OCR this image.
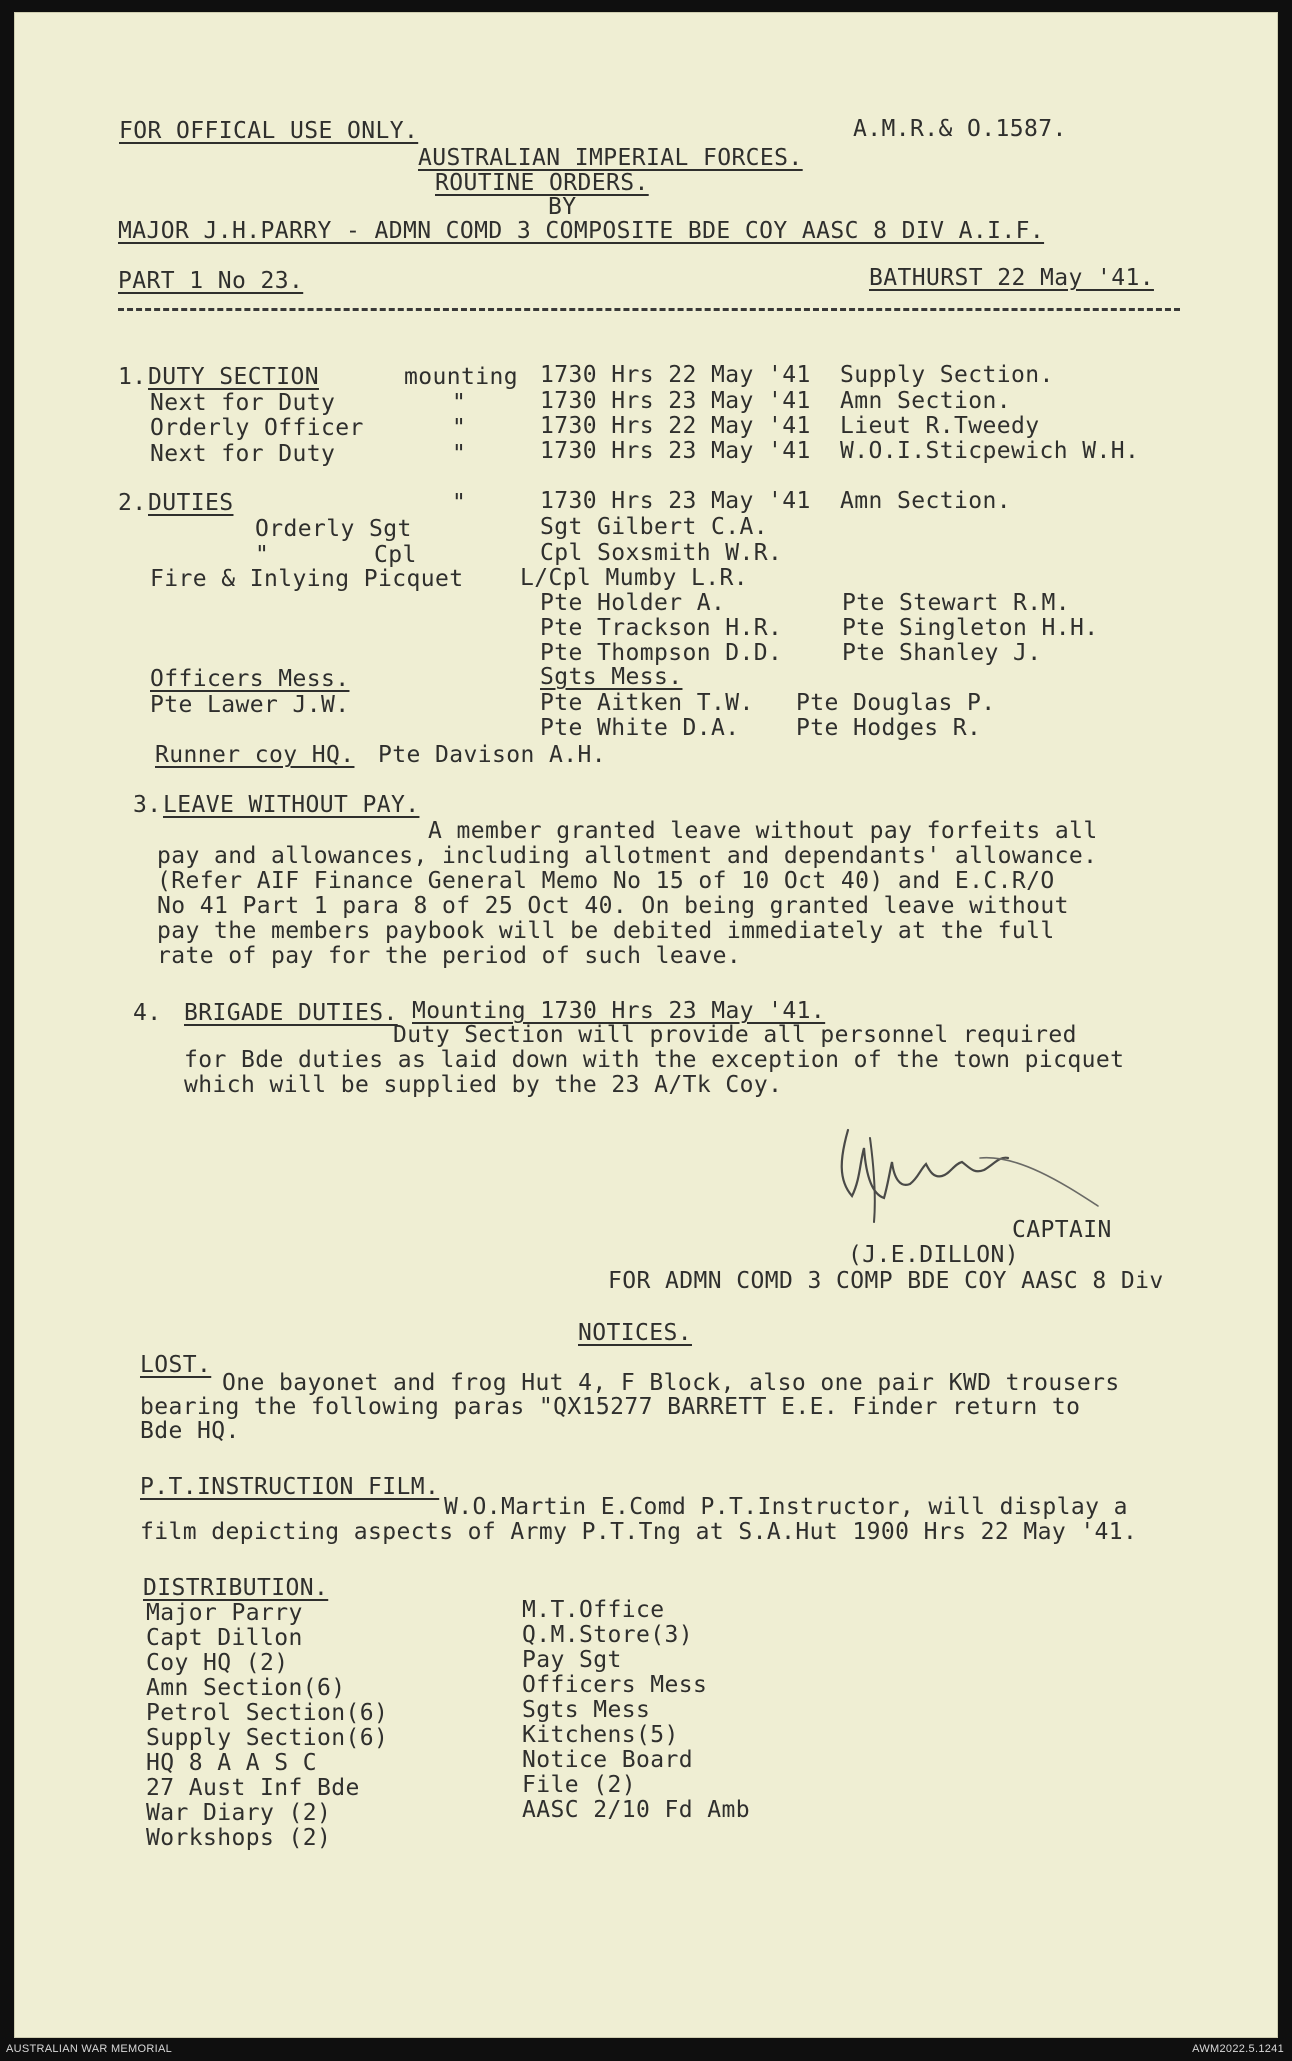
FOR OFFICAL USE ONLY.	A.M.R.& O.1587.
AUSTRALIAN IMPERIAL FORCES.
ROUTINE ORDERS.
BY
MAJOR J.H.PARRY - ADMN COMD 3 COMPOSITE BDE COY AASC 8 DIV A.I.F.
PART 1 No 23.	BATHURST 22 May '41.
1. DUTY SECTION	mounting 1730 Hrs 22 May '41 Supply Section.
Next for Duty	"	1730 Hrs 23 May '41 Amn Section.
Orderly Officer	"	1730 Hrs 22 May '41 Lieut R.Tweedy
Next for Duty	"	1730 Hrs 23 May '41 W.O.I.Sticpewich W.H.
2. DUTIES	"	1730 Hrs 23 May '41 Amn Section.
Orderly Sgt	Sgt Gilbert C.A.
"	Cpl	Cpl Soxsmith W.R.
Fire & Inlying Picquet L/Cpl Mumby L.R.
Pte Holder A.	Pte Stewart R.M.
Pte Trackson H.R.	Pte Singleton H.H.
Pte Thompson D.D.	Pte Shanley J.
Officers Mess.	Sgts Mess.
Pte Lawer J.W.	Pte Aitken T.W. Pte Douglas P.
Pte White D.A. Pte Hodges R.
Runner coy HQ. Pte Davison A.H.
3. LEAVE WITHOUT PAY.
A member granted leave without pay forfeits all
pay and allowances, including allotment and dependants' allowance.
(Refer AIF Finance General Memo No 15 of 10 Oct 40) and E.C.R/O
No 41 Part 1 para 8 of 25 Oct 40. On being granted leave without
pay the members paybook will be debited immediately at the full
rate of pay for the period of such leave.
4. BRIGADE DUTIES. Mounting 1730 Hrs 23 May '41.
Duty Section will provide all personnel required
for Bde duties as laid down with the exception of the town picquet
which will be supplied by the 23 A/Tk Coy.
CAPTAIN
(J.E.DILLON)
FOR ADMN COMD 3 COMP BDE COY AASC 8 Div
NOTICES.
LOST.
One bayonet and frog Hut 4, F Block, also one pair KWD trousers
bearing the following paras "QX15277 BARRETT E.E. Finder return to
Bde HQ.
P.T.INSTRUCTION FILM.
W.O.Martin E.Comd P.T.Instructor, will display a
film depicting aspects of Army P.T.Tng at S.A.Hut 1900 Hrs 22 May '41.
DISTRIBUTION.
Major Parry
Capt Dillon
Coy HQ (2)
Amn Section(6)
Petrol Section(6)
Supply Section(6)
HQ 8 A A S C
27 Aust Inf Bde
War Diary (2)
Workshops (2)
M.T.Office
Q.M.Store(3)
Pay Sgt
Officers Mess
Sgts Mess
Kitchens(5)
Notice Board
File (2)
AASC 2/10 Fd Amb
AUSTRALIAN WAR MEMORIAL	AWM2022.5.1241
